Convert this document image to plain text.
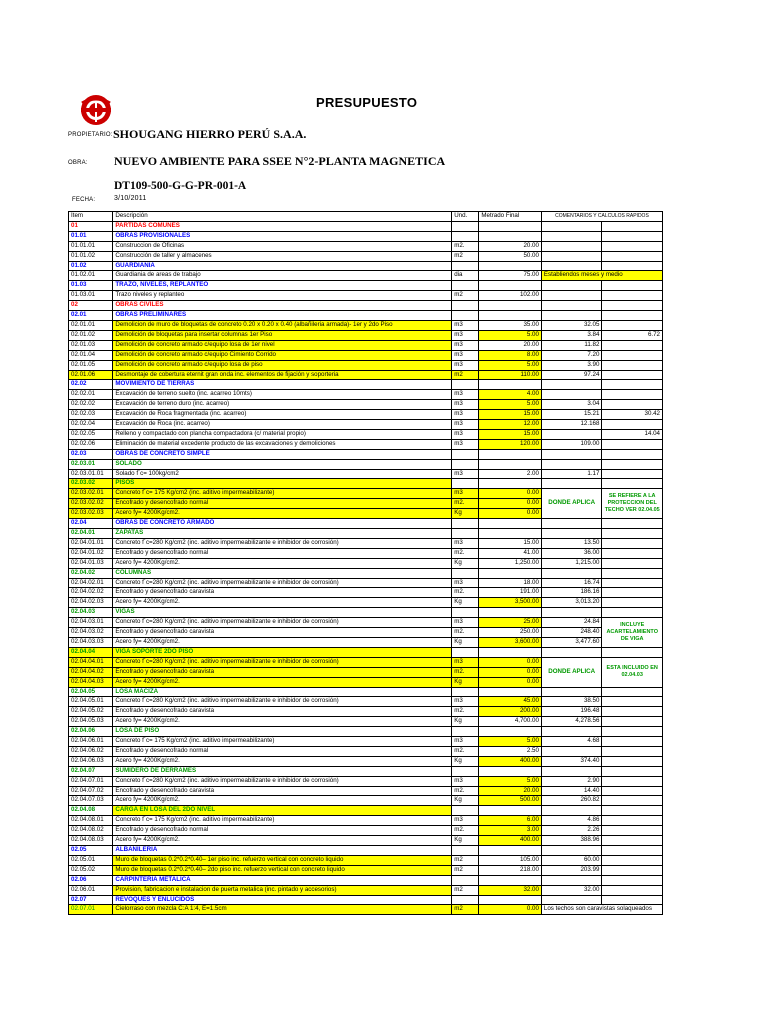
PRESUPUESTO
PROPIETARIO: SHOUGANG HIERRO PERÚ S.A.A.
OBRA: NUEVO AMBIENTE PARA SSEE N°2-PLANTA MAGNETICA
DT109-500-G-G-PR-001-A
FECHA:	3/10/2011
Item	Descripción	Und.	Metrado Final	COMENTARIOS Y CALCULOS RAPIDOS	
01	PARTIDAS COMUNES				
01.01	OBRAS PROVISIONALES				
01.01.01	Construccion de Oficinas	m2.	20.00		
01.01.02	Construcción de taller y almacenes	m2	50.00		
01.02	GUARDIANIA				
01.02.01	Guardiania de areas de trabajo	dia	75.00	Establiendos meses y medio	
01.03	TRAZO, NIVELES, REPLANTEO				
01.03.01	Trazo niveles y replanteo	m2	102.00		
02	OBRAS CIVILES				
02.01	OBRAS PRELIMINARES				
02.01.01	Demolicion de muro de bloquetas de concreto 0.20 x 0.20 x 0.40 (albañileria armada)- 1er y 2do Piso	m3	35.00	32.05	
02.01.02	Demolición de bloquetas para insertar columnas 1er Piso	m3	5.00	3.84	6.72
02.01.03	Demolición de concreto armado c/equipo losa de 1er nivel	m3	20.00	11.82	
02.01.04	Demolición de concreto armado c/equipo Cimiento Corrido	m3	8.00	7.20	
02.01.05	Demolición de concreto armado c/equipo losa de piso	m3	5.00	3.90	
02.01.06	Desmontaje de cobertura eternit gran onda inc. elementos de fijación y soporteria	m2	110.00	97.24	
02.02	MOVIMIENTO DE TIERRAS				
02.02.01	Excavación de terreno suelto (inc. acarreo 10mts)	m3	4.00		
02.02.02	Excavación de terreno duro (inc. acarreo)	m3	5.00	3.04	
02.02.03	Excavación de Roca fragmentada (inc. acarreo)	m3	15.00	15.21	30.42
02.02.04	Excavación de Roca (inc. acarreo)	m3	12.00	12.168	
02.02.05	Relleno y compactado con plancha compactadora (c/ material propio)	m3	15.00		14.04
02.02.06	Eliminación de material excedente producto de las excavaciones y demoliciones	m3	120.00	109.00	
02.03	OBRAS DE CONCRETO SIMPLE				
02.03.01	SOLADO				
02.03.01.01	Solado f´c= 100kg/cm2	m3	2.00	1.17	
02.03.02	PISOS				
02.03.02.01	Concreto f´c= 175 Kg/cm2 (inc. aditivo impermeabilizante)	m3	0.00	DONDE APLICA	SE REFIERE A LA PROTECCION DEL TECHO VER 02.04.05
02.03.02.02	Encofrado y desencofrado normal	m2.	0.00		
02.03.02.03	Acero fy= 4200Kg/cm2.	Kg	0.00		
02.04	OBRAS DE CONCRETO ARMADO				
02.04.01	ZAPATAS				
02.04.01.01	Concreto f´c=280 Kg/cm2 (inc. aditivo impermeabilizante e inhibidor de corrosión)	m3	15.00	13.50	
02.04.01.02	Encofrado y desencofrado normal	m2.	41.00	36.00	
02.04.01.03	Acero fy= 4200Kg/cm2.	Kg	1,250.00	1,215.00	
02.04.02	COLUMNAS				
02.04.02.01	Concreto f´c=280 Kg/cm2 (inc. aditivo impermeabilizante e inhibidor de corrosión)	m3	18.00	16.74	
02.04.02.02	Encofrado y desencofrado caravista	m2.	191.00	186.16	
02.04.02.03	Acero fy= 4200Kg/cm2.	Kg	3,500.00	3,013.20	
02.04.03	VIGAS				
02.04.03.01	Concreto f´c=280 Kg/cm2 (inc. aditivo impermeabilizante e inhibidor de corrosión)	m3	25.00	24.84	INCLUYE ACARTELAMIENTO DE VIGA
02.04.03.02	Encofrado y desencofrado caravista	m2.	250.00	248.40	
02.04.03.03	Acero fy= 4200Kg/cm2.	Kg	3,600.00	3,477.60	
02.04.04	VIGA SOPORTE 2DO PISO				
02.04.04.01	Concreto f´c=280 Kg/cm2 (inc. aditivo impermeabilizante e inhibidor de corrosión)	m3	0.00	DONDE APLICA	ESTA INCLUIDO EN 02.04.03
02.04.04.02	Encofrado y desencofrado caravista	m2.	0.00		
02.04.04.03	Acero fy= 4200Kg/cm2.	Kg	0.00		
02.04.05	LOSA MACIZA				
02.04.05.01	Concreto f´c=280 Kg/cm2 (inc. aditivo impermeabilizante e inhibidor de corrosión)	m3	45.00	38.50	
02.04.05.02	Encofrado y desencofrado caravista	m2.	200.00	196.48	
02.04.05.03	Acero fy= 4200Kg/cm2.	Kg	4,700.00	4,278.56	
02.04.06	LOSA DE PISO				
02.04.06.01	Concreto f´c= 175 Kg/cm2 (inc. aditivo impermeabilizante)	m3	5.00	4.68	
02.04.06.02	Encofrado y desencofrado normal	m2.	2.50		
02.04.06.03	Acero fy= 4200Kg/cm2.	Kg	400.00	374.40	
02.04.07	SUMIDERO DE DERRAMES				
02.04.07.01	Concreto f´c=280 Kg/cm2 (inc. aditivo impermeabilizante e inhibidor de corrosión)	m3	5.00	2.90	
02.04.07.02	Encofrado y desencofrado caravista	m2.	20.00	14.40	
02.04.07.03	Acero fy= 4200Kg/cm2.	Kg	500.00	260.82	
02.04.08	CARGA EN LOSA DEL 2DO NIVEL				
02.04.08.01	Concreto f´c= 175 Kg/cm2 (inc. aditivo impermeabilizante)	m3	6.00	4.86	
02.04.08.02	Encofrado y desencofrado normal	m2.	3.00	2.26	
02.04.08.03	Acero fy= 4200Kg/cm2.	Kg	400.00	388.96	
02.05	ALBAÑILERIA				
02.05.01	Muro de bloquetas 0.2*0.2*0.40– 1er piso inc. refuerzo vertical con concreto liquido	m2	105.00	60.00	
02.05.02	Muro de bloquetas 0.2*0.2*0.40– 2do piso inc. refuerzo vertical con concreto liquido	m2	218.00	203.99	
02.06	CARPINTERIA METALICA				
02.06.01	Provision, fabricacion e instalacion de puerta metalica (inc. pintado y accesorios)	m2	32.00	32.00	
02.07	REVOQUES Y ENLUCIDOS				
02.07.01	Cielorraso con mezcla C:A 1:4, E=1.5cm	m2	0.00	Los techos son caravistas solaqueados	
